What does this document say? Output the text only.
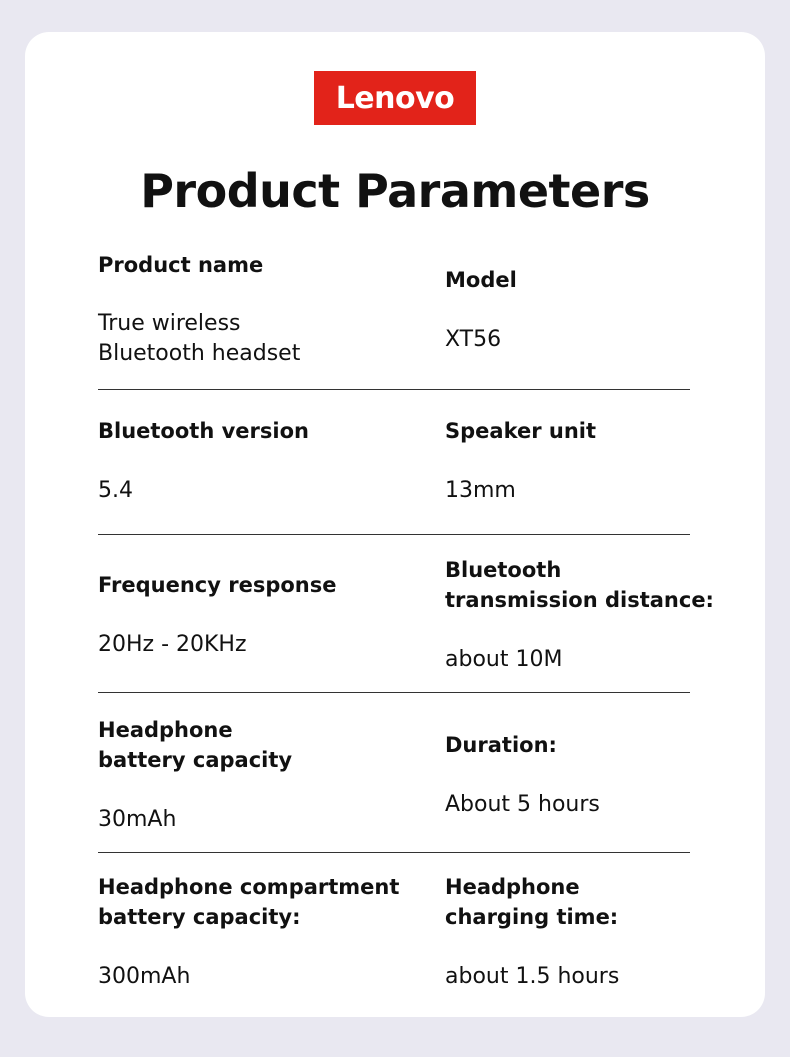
Lenovo
Product Parameters
Product name
True wireless
Bluetooth headset
Model
XT56
Bluetooth version
5.4
Speaker unit
13mm
Frequency response
20Hz - 20KHz
Bluetooth
transmission distance:
about 10M
Headphone
battery capacity
30mAh
Duration:
About 5 hours
Headphone compartment
battery capacity:
300mAh
Headphone
charging time:
about 1.5 hours
